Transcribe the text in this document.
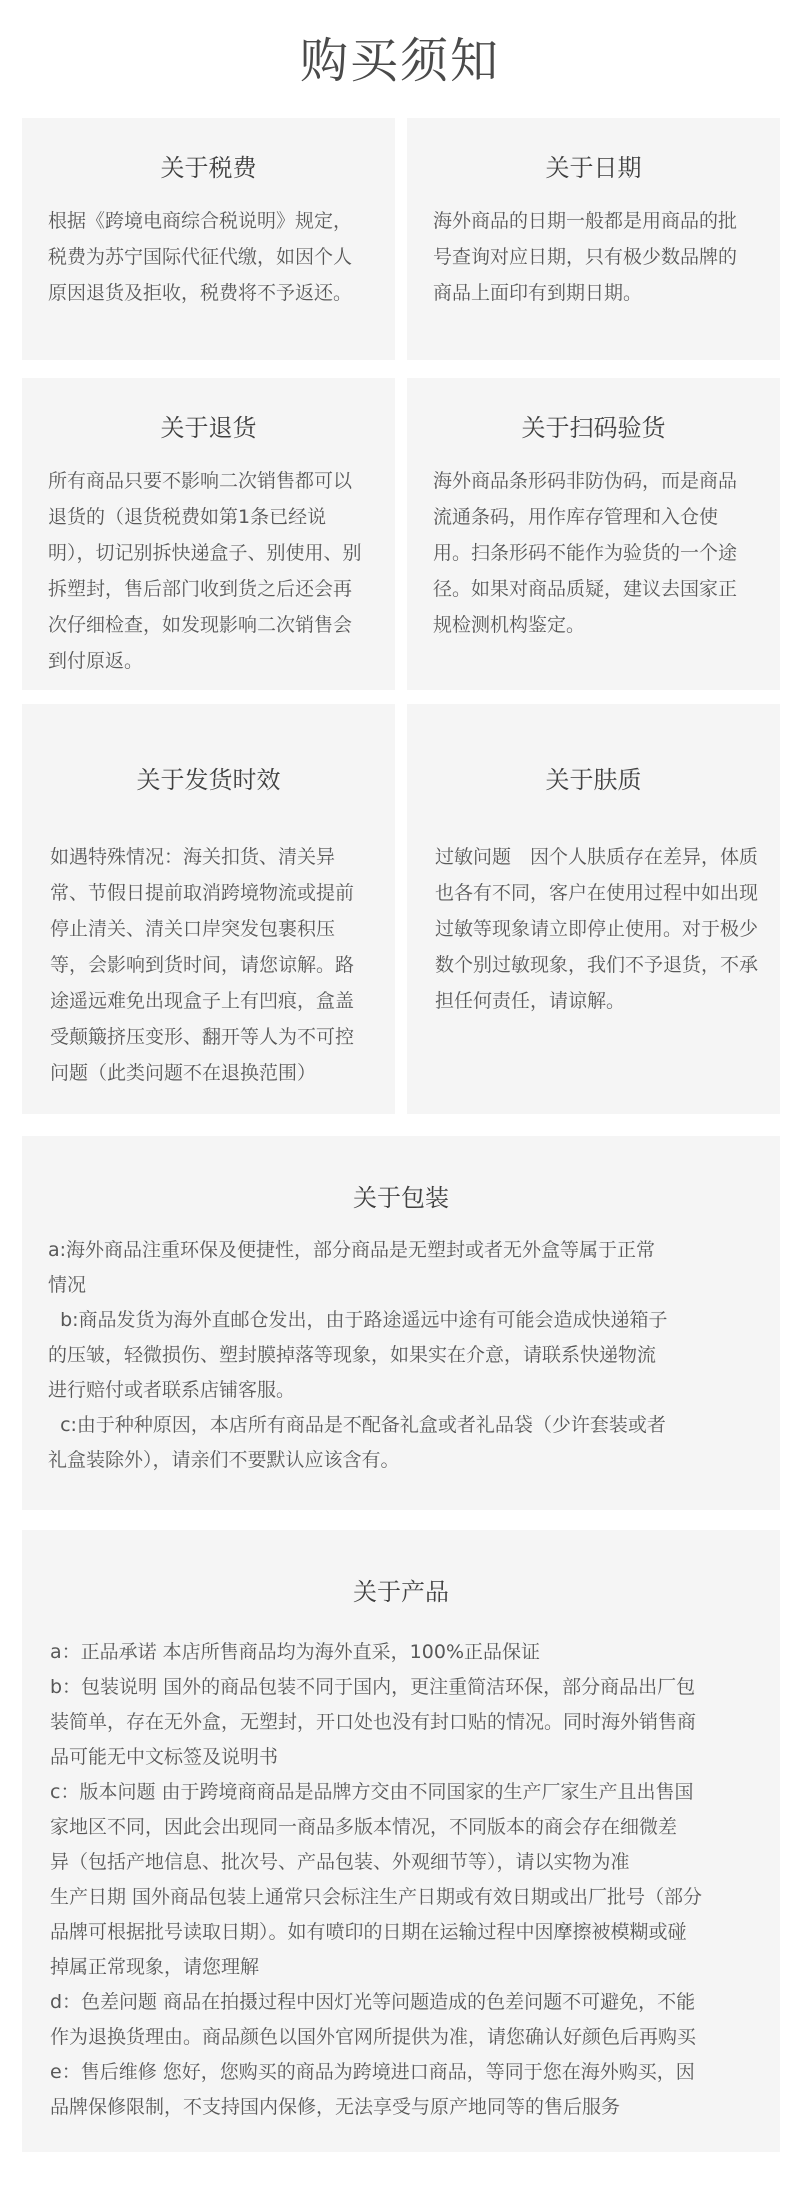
购买须知
关于税费

根据《跨境电商综合税说明》规定，税费为苏宁国际代征代缴，如因个人原因退货及拒收，税费将不予返还。

关于日期

海外商品的日期一般都是用商品的批号查询对应日期，只有极少数品牌的商品上面印有到期日期。

关于退货

所有商品只要不影响二次销售都可以退货的（退货税费如第1条已经说明），切记别拆快递盒子、别使用、别拆塑封，售后部门收到货之后还会再次仔细检查，如发现影响二次销售会到付原返。

关于扫码验货

海外商品条形码非防伪码，而是商品流通条码，用作库存管理和入仓使用。扫条形码不能作为验货的一个途径。如果对商品质疑，建议去国家正规检测机构鉴定。

关于发货时效

如遇特殊情况：海关扣货、清关异常、节假日提前取消跨境物流或提前停止清关、清关口岸突发包裹积压等，会影响到货时间，请您谅解。路途遥远难免出现盒子上有凹痕，盒盖受颠簸挤压变形、翻开等人为不可控问题（此类问题不在退换范围）

关于肤质

过敏问题　因个人肤质存在差异，体质也各有不同，客户在使用过程中如出现过敏等现象请立即停止使用。对于极少数个别过敏现象，我们不予退货，不承担任何责任，请谅解。

关于包装
a:海外商品注重环保及便捷性，部分商品是无塑封或者无外盒等属于正常
情况
b:商品发货为海外直邮仓发出，由于路途遥远中途有可能会造成快递箱子
的压皱，轻微损伤、塑封膜掉落等现象，如果实在介意，请联系快递物流
进行赔付或者联系店铺客服。
c:由于种种原因，本店所有商品是不配备礼盒或者礼品袋（少许套装或者
礼盒装除外），请亲们不要默认应该含有。
关于产品
a：正品承诺 本店所售商品均为海外直采，100%正品保证
b：包装说明 国外的商品包装不同于国内，更注重简洁环保，部分商品出厂包
装简单，存在无外盒，无塑封，开口处也没有封口贴的情况。同时海外销售商
品可能无中文标签及说明书
c：版本问题 由于跨境商商品是品牌方交由不同国家的生产厂家生产且出售国
家地区不同，因此会出现同一商品多版本情况，不同版本的商会存在细微差
异（包括产地信息、批次号、产品包装、外观细节等），请以实物为准
生产日期 国外商品包装上通常只会标注生产日期或有效日期或出厂批号（部分
品牌可根据批号读取日期）。如有喷印的日期在运输过程中因摩擦被模糊或碰
掉属正常现象，请您理解
d：色差问题 商品在拍摄过程中因灯光等问题造成的色差问题不可避免，不能
作为退换货理由。商品颜色以国外官网所提供为准，请您确认好颜色后再购买
e：售后维修 您好，您购买的商品为跨境进口商品，等同于您在海外购买，因
品牌保修限制，不支持国内保修，无法享受与原产地同等的售后服务
